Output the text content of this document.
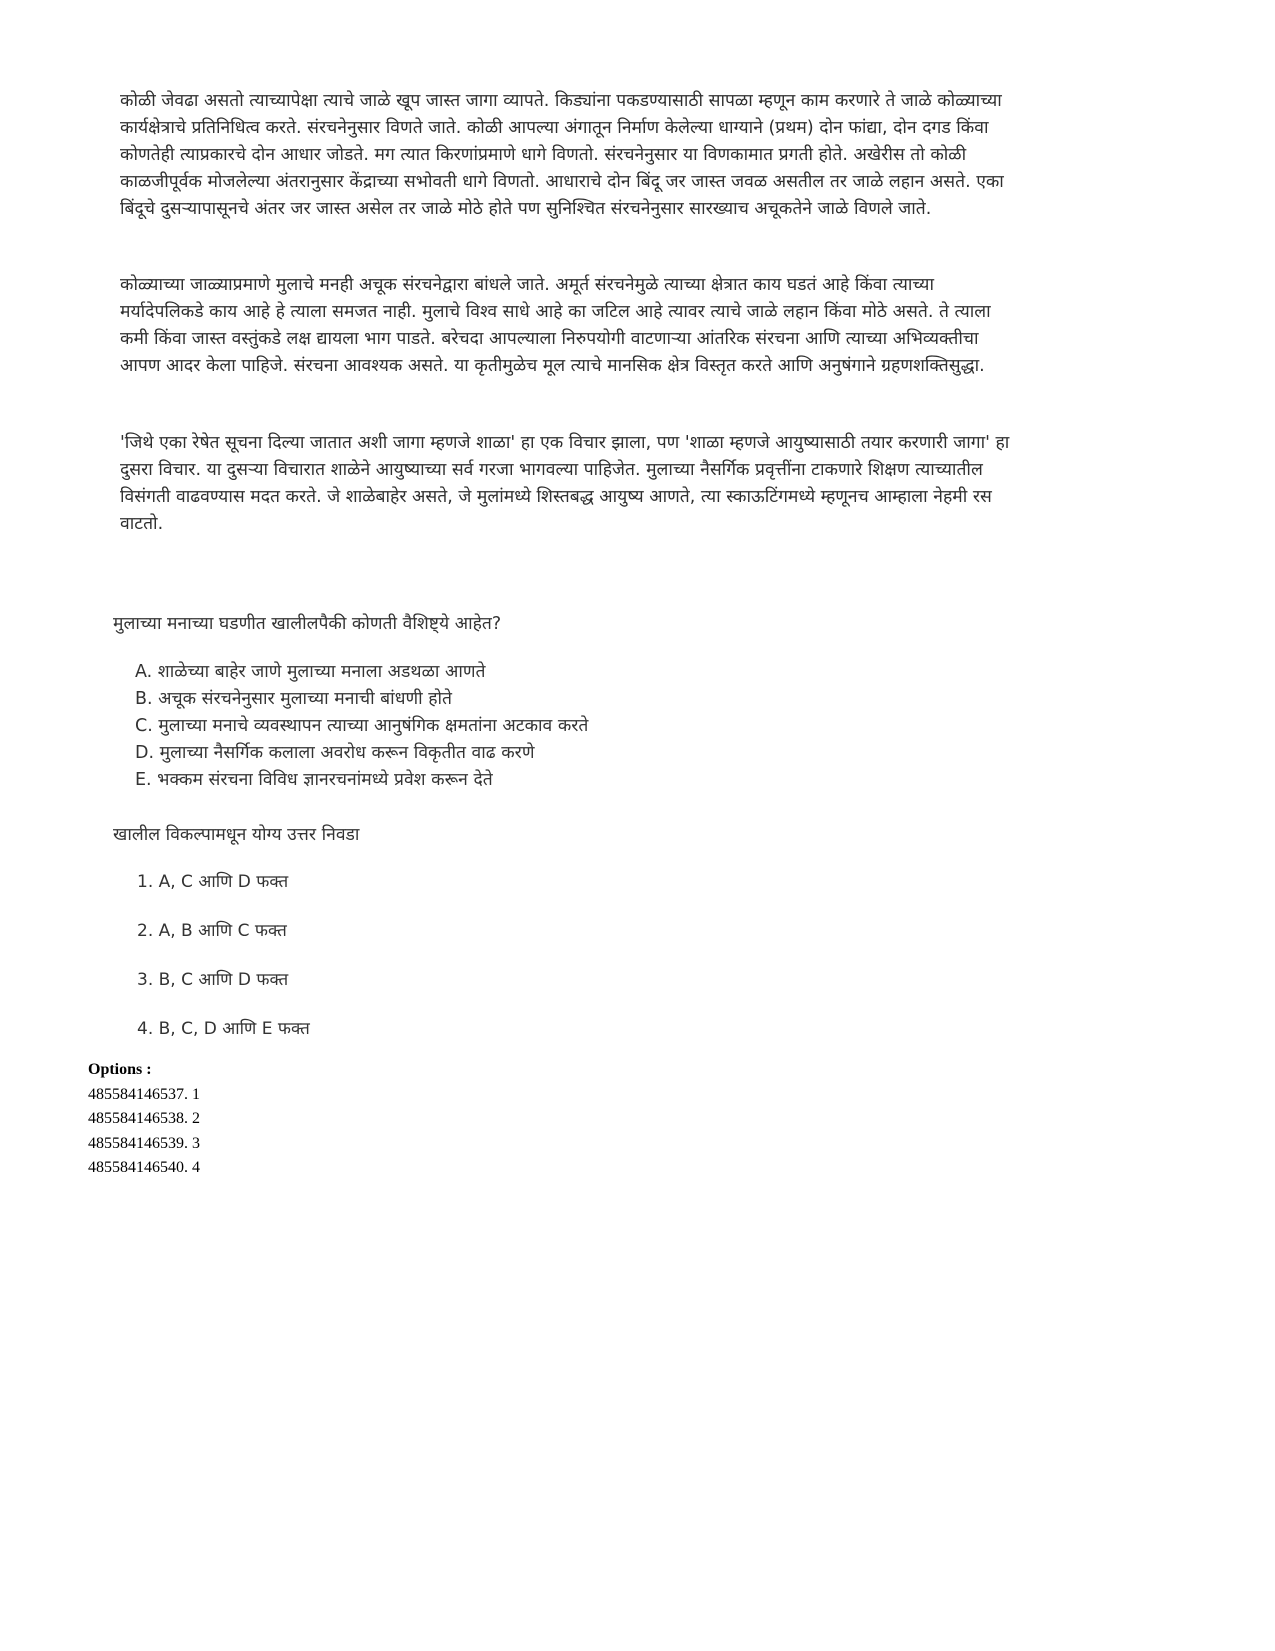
कोळी जेवढा असतो त्याच्यापेक्षा त्याचे जाळे खूप जास्त जागा व्यापते. किड्यांना पकडण्यासाठी सापळा म्हणून काम करणारे ते जाळे कोळ्याच्या कार्यक्षेत्राचे प्रतिनिधित्व करते. संरचनेनुसार विणते जाते. कोळी आपल्या अंगातून निर्माण केलेल्या धाग्याने (प्रथम) दोन फांद्या, दोन दगड किंवा कोणतेही त्याप्रकारचे दोन आधार जोडते. मग त्यात किरणांप्रमाणे धागे विणतो. संरचनेनुसार या विणकामात प्रगती होते. अखेरीस तो कोळी काळजीपूर्वक मोजलेल्या अंतरानुसार केंद्राच्या सभोवती धागे विणतो. आधाराचे दोन बिंदू जर जास्त जवळ असतील तर जाळे लहान असते. एका बिंदूचे दुसऱ्यापासूनचे अंतर जर जास्त असेल तर जाळे मोठे होते पण सुनिश्चित संरचनेनुसार सारख्याच अचूकतेने जाळे विणले जाते.

कोळ्याच्या जाळ्याप्रमाणे मुलाचे मनही अचूक संरचनेद्वारा बांधले जाते. अमूर्त संरचनेमुळे त्याच्या क्षेत्रात काय घडतं आहे किंवा त्याच्या मर्यादेपलिकडे काय आहे हे त्याला समजत नाही. मुलाचे विश्व साधे आहे का जटिल आहे त्यावर त्याचे जाळे लहान किंवा मोठे असते. ते त्याला कमी किंवा जास्त वस्तुंकडे लक्ष द्यायला भाग पाडते. बरेचदा आपल्याला निरुपयोगी वाटणाऱ्या आंतरिक संरचना आणि त्याच्या अभिव्यक्तीचा आपण आदर केला पाहिजे. संरचना आवश्यक असते. या कृतीमुळेच मूल त्याचे मानसिक क्षेत्र विस्तृत करते आणि अनुषंगाने ग्रहणशक्तिसुद्धा.

'जिथे एका रेषेत सूचना दिल्या जातात अशी जागा म्हणजे शाळा' हा एक विचार झाला, पण 'शाळा म्हणजे आयुष्यासाठी तयार करणारी जागा' हा दुसरा विचार. या दुसऱ्या विचारात शाळेने आयुष्याच्या सर्व गरजा भागवल्या पाहिजेत. मुलाच्या नैसर्गिक प्रवृत्तींना टाकणारे शिक्षण त्याच्यातील विसंगती वाढवण्यास मदत करते. जे शाळेबाहेर असते, जे मुलांमध्ये शिस्तबद्ध आयुष्य आणते, त्या स्काऊटिंगमध्ये म्हणूनच आम्हाला नेहमी रस वाटतो.

मुलाच्या मनाच्या घडणीत खालीलपैकी कोणती वैशिष्ट्ये आहेत?

A. शाळेच्या बाहेर जाणे मुलाच्या मनाला अडथळा आणते
B. अचूक संरचनेनुसार मुलाच्या मनाची बांधणी होते
C. मुलाच्या मनाचे व्यवस्थापन त्याच्या आनुषंगिक क्षमतांना अटकाव करते
D. मुलाच्या नैसर्गिक कलाला अवरोध करून विकृतीत वाढ करणे
E. भक्कम संरचना विविध ज्ञानरचनांमध्ये प्रवेश करून देते

खालील विकल्पामधून योग्य उत्तर निवडा

1. A, C आणि D फक्त
2. A, B आणि C फक्त
3. B, C आणि D फक्त
4. B, C, D आणि E फक्त

Options :

485584146537. 1
485584146538. 2
485584146539. 3
485584146540. 4
